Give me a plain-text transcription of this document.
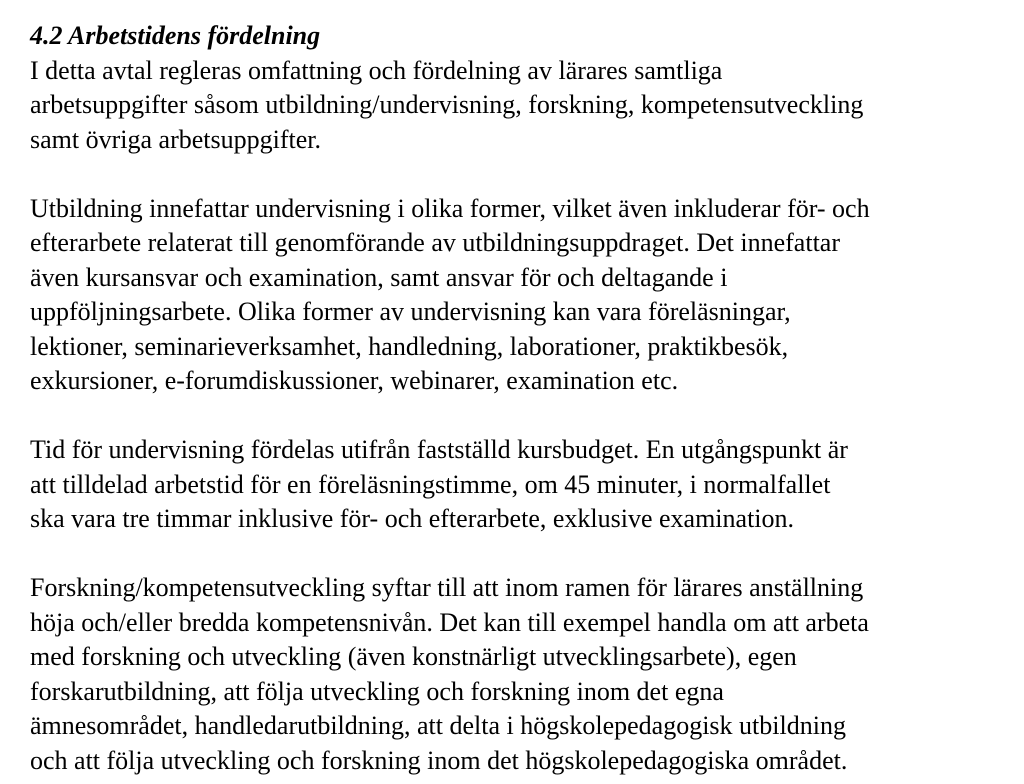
4.2 Arbetstidens fördelning

I detta avtal regleras omfattning och fördelning av lärares samtliga
arbetsuppgifter såsom utbildning/undervisning, forskning, kompetensutveckling
samt övriga arbetsuppgifter.

Utbildning innefattar undervisning i olika former, vilket även inkluderar för- och
efterarbete relaterat till genomförande av utbildningsuppdraget. Det innefattar
även kursansvar och examination, samt ansvar för och deltagande i
uppföljningsarbete. Olika former av undervisning kan vara föreläsningar,
lektioner, seminarieverksamhet, handledning, laborationer, praktikbesök,
exkursioner, e-forumdiskussioner, webinarer, examination etc.

Tid för undervisning fördelas utifrån fastställd kursbudget. En utgångspunkt är
att tilldelad arbetstid för en föreläsningstimme, om 45 minuter, i normalfallet
ska vara tre timmar inklusive för- och efterarbete, exklusive examination.

Forskning/kompetensutveckling syftar till att inom ramen för lärares anställning
höja och/eller bredda kompetensnivån. Det kan till exempel handla om att arbeta
med forskning och utveckling (även konstnärligt utvecklingsarbete), egen
forskarutbildning, att följa utveckling och forskning inom det egna
ämnesområdet, handledarutbildning, att delta i högskolepedagogisk utbildning
och att följa utveckling och forskning inom det högskolepedagogiska området.
